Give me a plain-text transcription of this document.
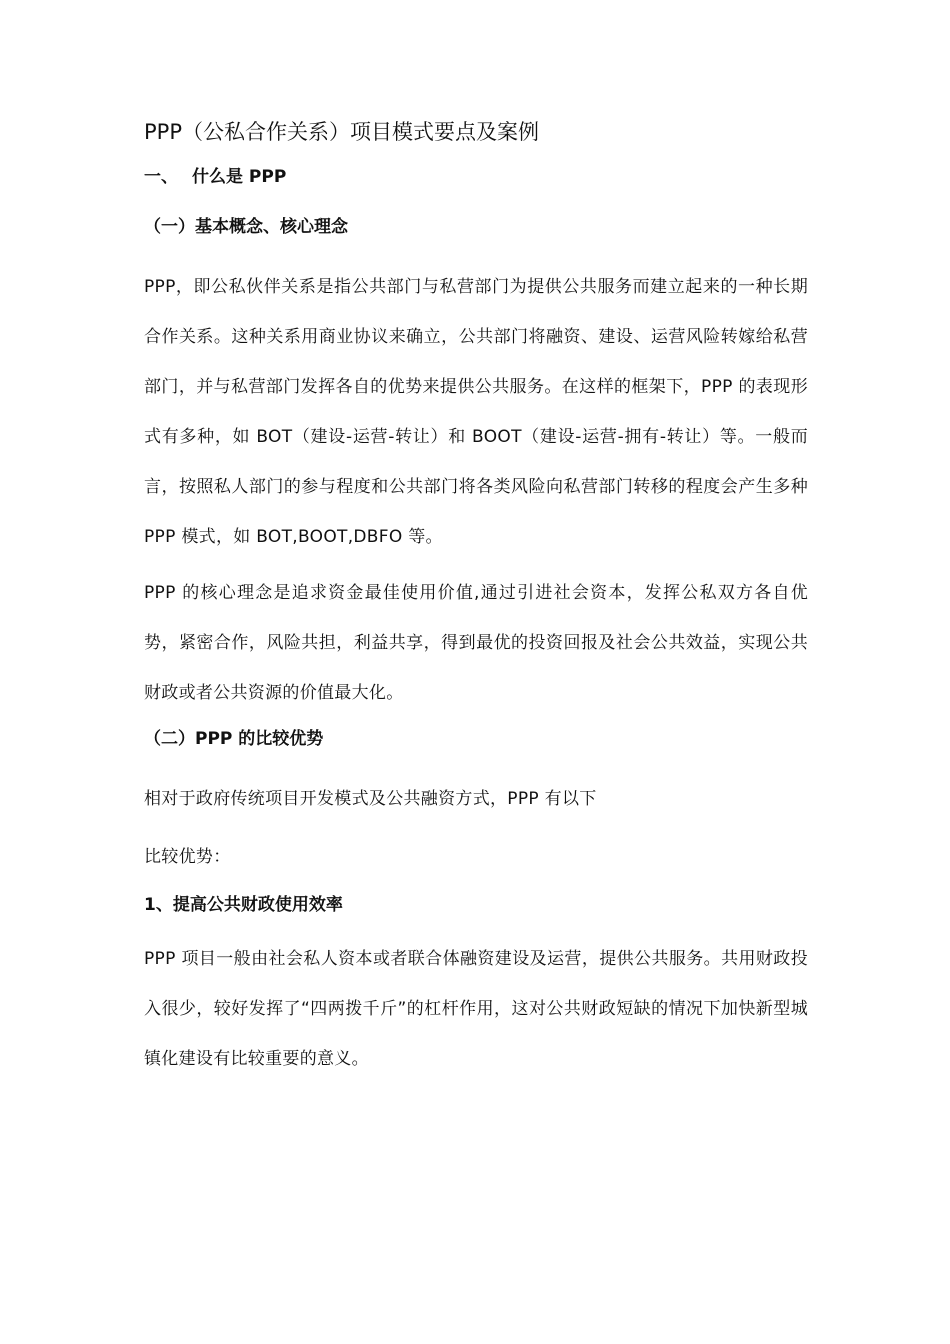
PPP（公私合作关系）项目模式要点及案例
一、 什么是 PPP
（一）基本概念、核心理念

PPP，即公私伙伴关系是指公共部门与私营部门为提供公共服务而建立起来的一种长期合作关系。这种关系用商业协议来确立，公共部门将融资、建设、运营风险转嫁给私营部门，并与私营部门发挥各自的优势来提供公共服务。在这样的框架下，PPP 的表现形式有多种，如 BOT（建设-运营-转让）和 BOOT（建设-运营-拥有-转让）等。一般而言，按照私人部门的参与程度和公共部门将各类风险向私营部门转移的程度会产生多种 PPP 模式，如 BOT,BOOT,DBFO 等。

PPP 的核心理念是追求资金最佳使用价值,通过引进社会资本，发挥公私双方各自优势，紧密合作，风险共担，利益共享，得到最优的投资回报及社会公共效益，实现公共财政或者公共资源的价值最大化。

（二）PPP 的比较优势

相对于政府传统项目开发模式及公共融资方式，PPP 有以下

比较优势：

1、提高公共财政使用效率

PPP 项目一般由社会私人资本或者联合体融资建设及运营，提供公共服务。共用财政投入很少，较好发挥了“四两拨千斤”的杠杆作用，这对公共财政短缺的情况下加快新型城镇化建设有比较重要的意义。
